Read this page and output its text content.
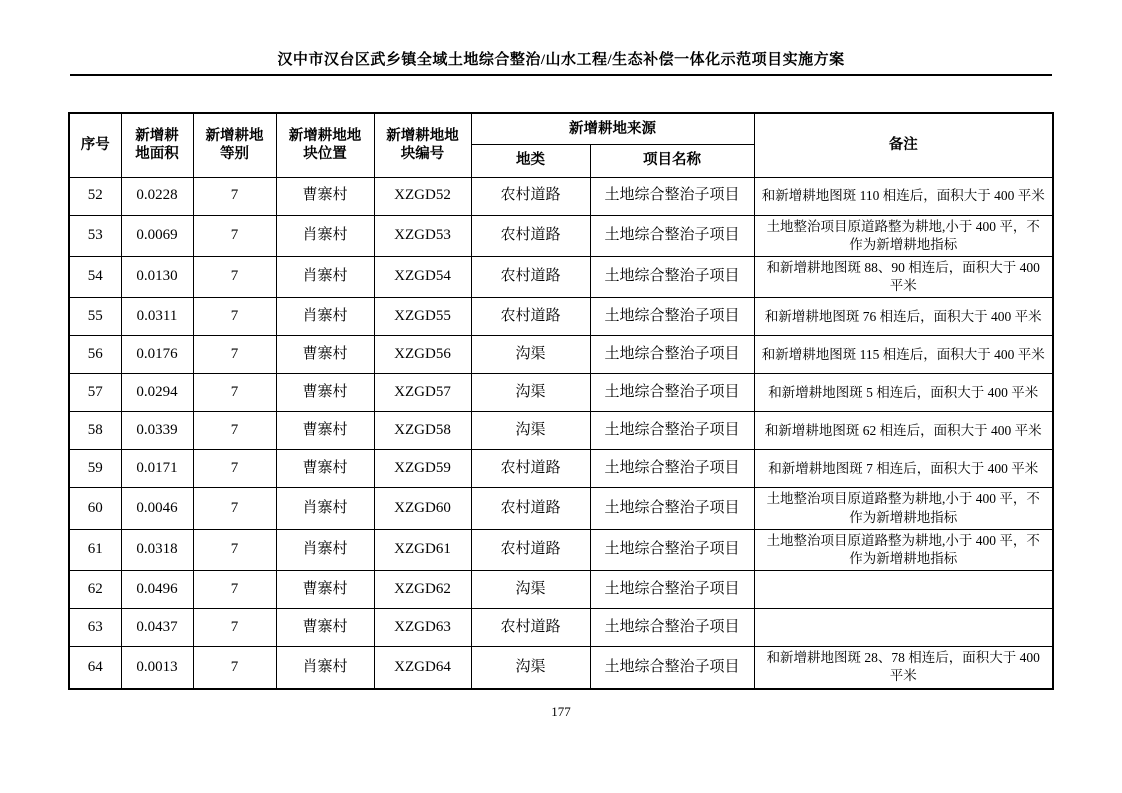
汉中市汉台区武乡镇全域土地综合整治/山水工程/生态补偿一体化示范项目实施方案
序号	新增耕地面积	新增耕地等别	新增耕地地块位置	新增耕地地块编号	新增耕地来源		备注
					地类	项目名称	
52	0.0228	7	曹寨村	XZGD52	农村道路	土地综合整治子项目	和新增耕地图斑 110 相连后，面积大于 400 平米
53	0.0069	7	肖寨村	XZGD53	农村道路	土地综合整治子项目	土地整治项目原道路整为耕地,小于 400 平，不作为新增耕地指标
54	0.0130	7	肖寨村	XZGD54	农村道路	土地综合整治子项目	和新增耕地图斑 88、90 相连后，面积大于 400 平米
55	0.0311	7	肖寨村	XZGD55	农村道路	土地综合整治子项目	和新增耕地图斑 76 相连后，面积大于 400 平米
56	0.0176	7	曹寨村	XZGD56	沟渠	土地综合整治子项目	和新增耕地图斑 115 相连后，面积大于 400 平米
57	0.0294	7	曹寨村	XZGD57	沟渠	土地综合整治子项目	和新增耕地图斑 5 相连后，面积大于 400 平米
58	0.0339	7	曹寨村	XZGD58	沟渠	土地综合整治子项目	和新增耕地图斑 62 相连后，面积大于 400 平米
59	0.0171	7	曹寨村	XZGD59	农村道路	土地综合整治子项目	和新增耕地图斑 7 相连后，面积大于 400 平米
60	0.0046	7	肖寨村	XZGD60	农村道路	土地综合整治子项目	土地整治项目原道路整为耕地,小于 400 平，不作为新增耕地指标
61	0.0318	7	肖寨村	XZGD61	农村道路	土地综合整治子项目	土地整治项目原道路整为耕地,小于 400 平，不作为新增耕地指标
62	0.0496	7	曹寨村	XZGD62	沟渠	土地综合整治子项目	
63	0.0437	7	曹寨村	XZGD63	农村道路	土地综合整治子项目	
64	0.0013	7	肖寨村	XZGD64	沟渠	土地综合整治子项目	和新增耕地图斑 28、78 相连后，面积大于 400 平米
177
